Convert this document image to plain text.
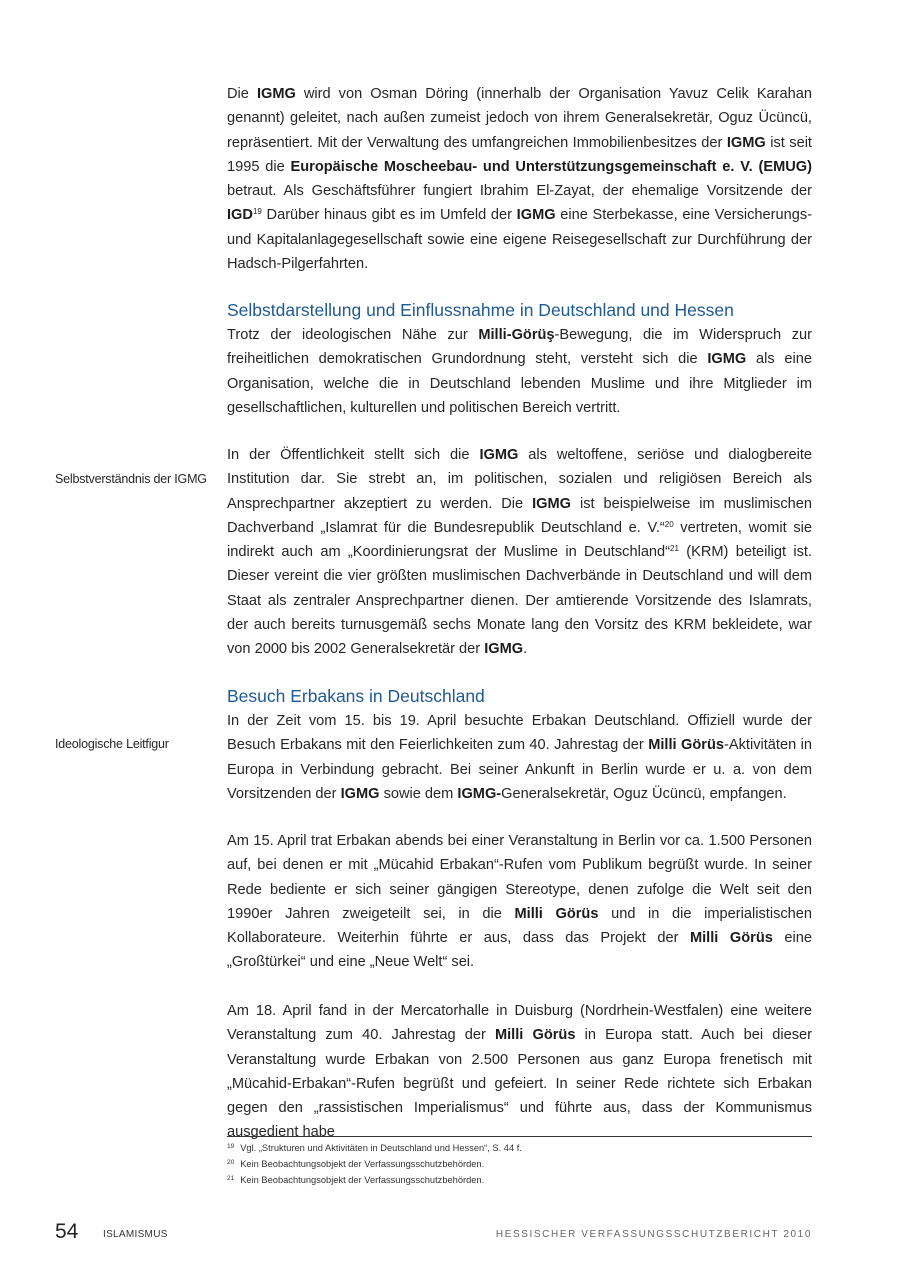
Die IGMG wird von Osman Döring (innerhalb der Organisation Yavuz Celik Karahan genannt) geleitet, nach außen zumeist jedoch von ihrem Generalsekretär, Oguz Ücüncü, repräsentiert. Mit der Verwaltung des umfangreichen Immobilienbesitzes der IGMG ist seit 1995 die Europäische Moscheebau- und Unterstützungsgemeinschaft e. V. (EMUG) betraut. Als Geschäftsführer fungiert Ibrahim El-Zayat, der ehemalige Vorsitzende der IGD$^{19}$ Darüber hinaus gibt es im Umfeld der IGMG eine Sterbekasse, eine Versicherungs- und Kapitalanlagegesellschaft sowie eine eigene Reisegesellschaft zur Durchführung der Hadsch-Pilgerfahrten.

Selbstdarstellung und Einflussnahme in Deutschland und Hessen

Trotz der ideologischen Nähe zur Milli-Görüş-Bewegung, die im Widerspruch zur freiheitlichen demokratischen Grundordnung steht, versteht sich die IGMG als eine Organisation, welche die in Deutschland lebenden Muslime und ihre Mitglieder im gesellschaftlichen, kulturellen und politischen Bereich vertritt.

Selbstverständnis der IGMG

In der Öffentlichkeit stellt sich die IGMG als weltoffene, seriöse und dialogbereite Institution dar. Sie strebt an, im politischen, sozialen und religiösen Bereich als Ansprechpartner akzeptiert zu werden. Die IGMG ist beispielweise im muslimischen Dachverband „Islamrat für die Bundesrepublik Deutschland e. V.“$^{20}$ vertreten, womit sie indirekt auch am „Koordinierungsrat der Muslime in Deutschland“$^{21}$ (KRM) beteiligt ist. Dieser vereint die vier größten muslimischen Dachverbände in Deutschland und will dem Staat als zentraler Ansprechpartner dienen. Der amtierende Vorsitzende des Islamrats, der auch bereits turnusgemäß sechs Monate lang den Vorsitz des KRM bekleidete, war von 2000 bis 2002 Generalsekretär der IGMG.

Besuch Erbakans in Deutschland
Ideologische Leitfigur

In der Zeit vom 15. bis 19. April besuchte Erbakan Deutschland. Offiziell wurde der Besuch Erbakans mit den Feierlichkeiten zum 40. Jahrestag der Milli Görüs-Aktivitäten in Europa in Verbindung gebracht. Bei seiner Ankunft in Berlin wurde er u. a. von dem Vorsitzenden der IGMG sowie dem IGMG-Generalsekretär, Oguz Ücüncü, empfangen.

Am 15. April trat Erbakan abends bei einer Veranstaltung in Berlin vor ca. 1.500 Personen auf, bei denen er mit „Mücahid Erbakan“-Rufen vom Publikum begrüßt wurde. In seiner Rede bediente er sich seiner gängigen Stereotype, denen zufolge die Welt seit den 1990er Jahren zweigeteilt sei, in die Milli Görüs und in die imperialistischen Kollaborateure. Weiterhin führte er aus, dass das Projekt der Milli Görüs eine „Großtürkei“ und eine „Neue Welt“ sei.

Am 18. April fand in der Mercatorhalle in Duisburg (Nordrhein-Westfalen) eine weitere Veranstaltung zum 40. Jahrestag der Milli Görüs in Europa statt. Auch bei dieser Veranstaltung wurde Erbakan von 2.500 Personen aus ganz Europa frenetisch mit „Mücahid-Erbakan“-Rufen begrüßt und gefeiert. In seiner Rede richtete sich Erbakan gegen den „rassistischen Imperialismus“ und führte aus, dass der Kommunismus ausgedient habe

$^{19}$ Vgl. „Strukturen und Aktivitäten in Deutschland und Hessen“, S. 44 f.
$^{20}$ Kein Beobachtungsobjekt der Verfassungsschutzbehörden.
$^{21}$ Kein Beobachtungsobjekt der Verfassungsschutzbehörden.
54 ISLAMISMUS	HESSISCHER VERFASSUNGSSCHUTZBERICHT 2010
